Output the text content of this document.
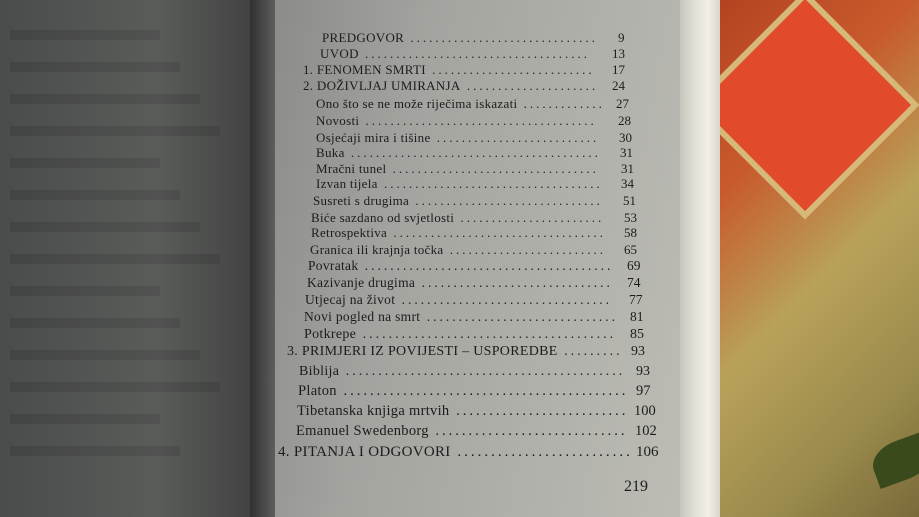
PREDGOVOR .............................. 9
UVOD .................................... 13
1. FENOMEN SMRTI .......................... 17
2. DOŽIVLJAJ UMIRANJA ..................... 24
Ono što se ne može riječima iskazati ............. 27
Novosti ..................................... 28
Osjećaji mira i tišine .......................... 30
Buka ........................................ 31
Mračni tunel ................................. 31
Izvan tijela ................................... 34
Susreti s drugima .............................. 51
Biće sazdano od svjetlosti ....................... 53
Retrospektiva .................................. 58
Granica ili krajnja točka ......................... 65
Povratak ....................................... 69
Kazivanje drugima .............................. 74
Utjecaj na život ................................. 77
Novi pogled na smrt .............................. 81
Potkrepe ....................................... 85
3. PRIMJERI IZ POVIJESTI – USPOREDBE ......... 93
Biblija ........................................... 93
Platon ........................................... 97
Tibetanska knjiga mrtvih .......................... 100
Emanuel Swedenborg ............................. 102
4. PITANJA I ODGOVORI .......................... 106
219
